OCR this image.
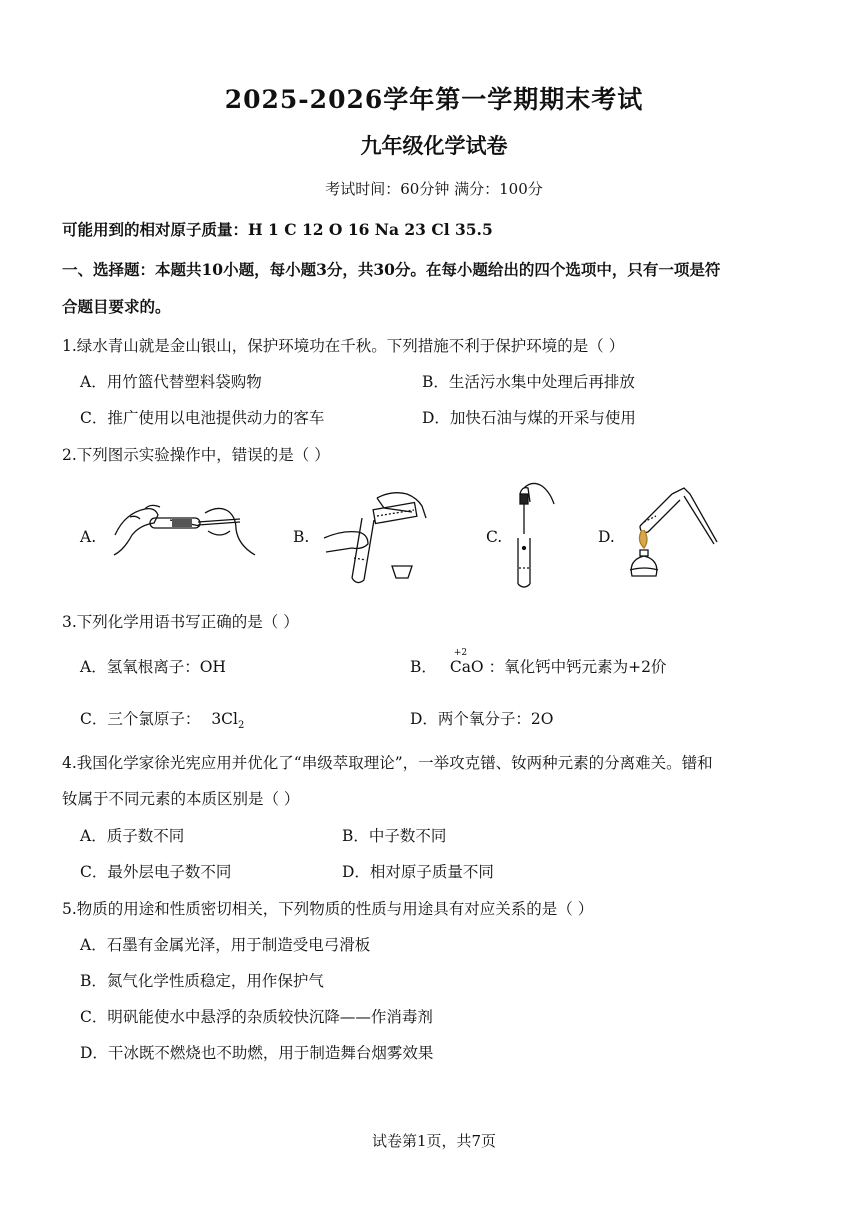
2025-2026学年第一学期期末考试
九年级化学试卷
考试时间：60分钟 满分：100分
可能用到的相对原子质量：H 1 C 12 O 16 Na 23 Cl 35.5
一、选择题：本题共10小题，每小题3分，共30分。在每小题给出的四个选项中，只有一项是符
合题目要求的。
1.绿水青山就是金山银山，保护环境功在千秋。下列措施不利于保护环境的是（ ）
A．用竹篮代替塑料袋购物	B．生活污水集中处理后再排放
C．推广使用以电池提供动力的客车	D．加快石油与煤的开采与使用
2.下列图示实验操作中，错误的是（ ）
A.	B.	C.	D.
3.下列化学用语书写正确的是（ ）
A．氢氧根离子：OH	B．
+2
CaO ：氧化钙中钙元素为+2价
C．三个氯原子： $3Cl_2$	D．两个氧分子：2O
4.我国化学家徐光宪应用并优化了“串级萃取理论”，一举攻克镨、钕两种元素的分离难关。镨和
钕属于不同元素的本质区别是（ ）
A．质子数不同	B．中子数不同
C．最外层电子数不同	D．相对原子质量不同
5.物质的用途和性质密切相关，下列物质的性质与用途具有对应关系的是（ ）
A．石墨有金属光泽，用于制造受电弓滑板
B．氮气化学性质稳定，用作保护气
C．明矾能使水中悬浮的杂质较快沉降——作消毒剂
D．干冰既不燃烧也不助燃，用于制造舞台烟雾效果
试卷第1页，共7页
